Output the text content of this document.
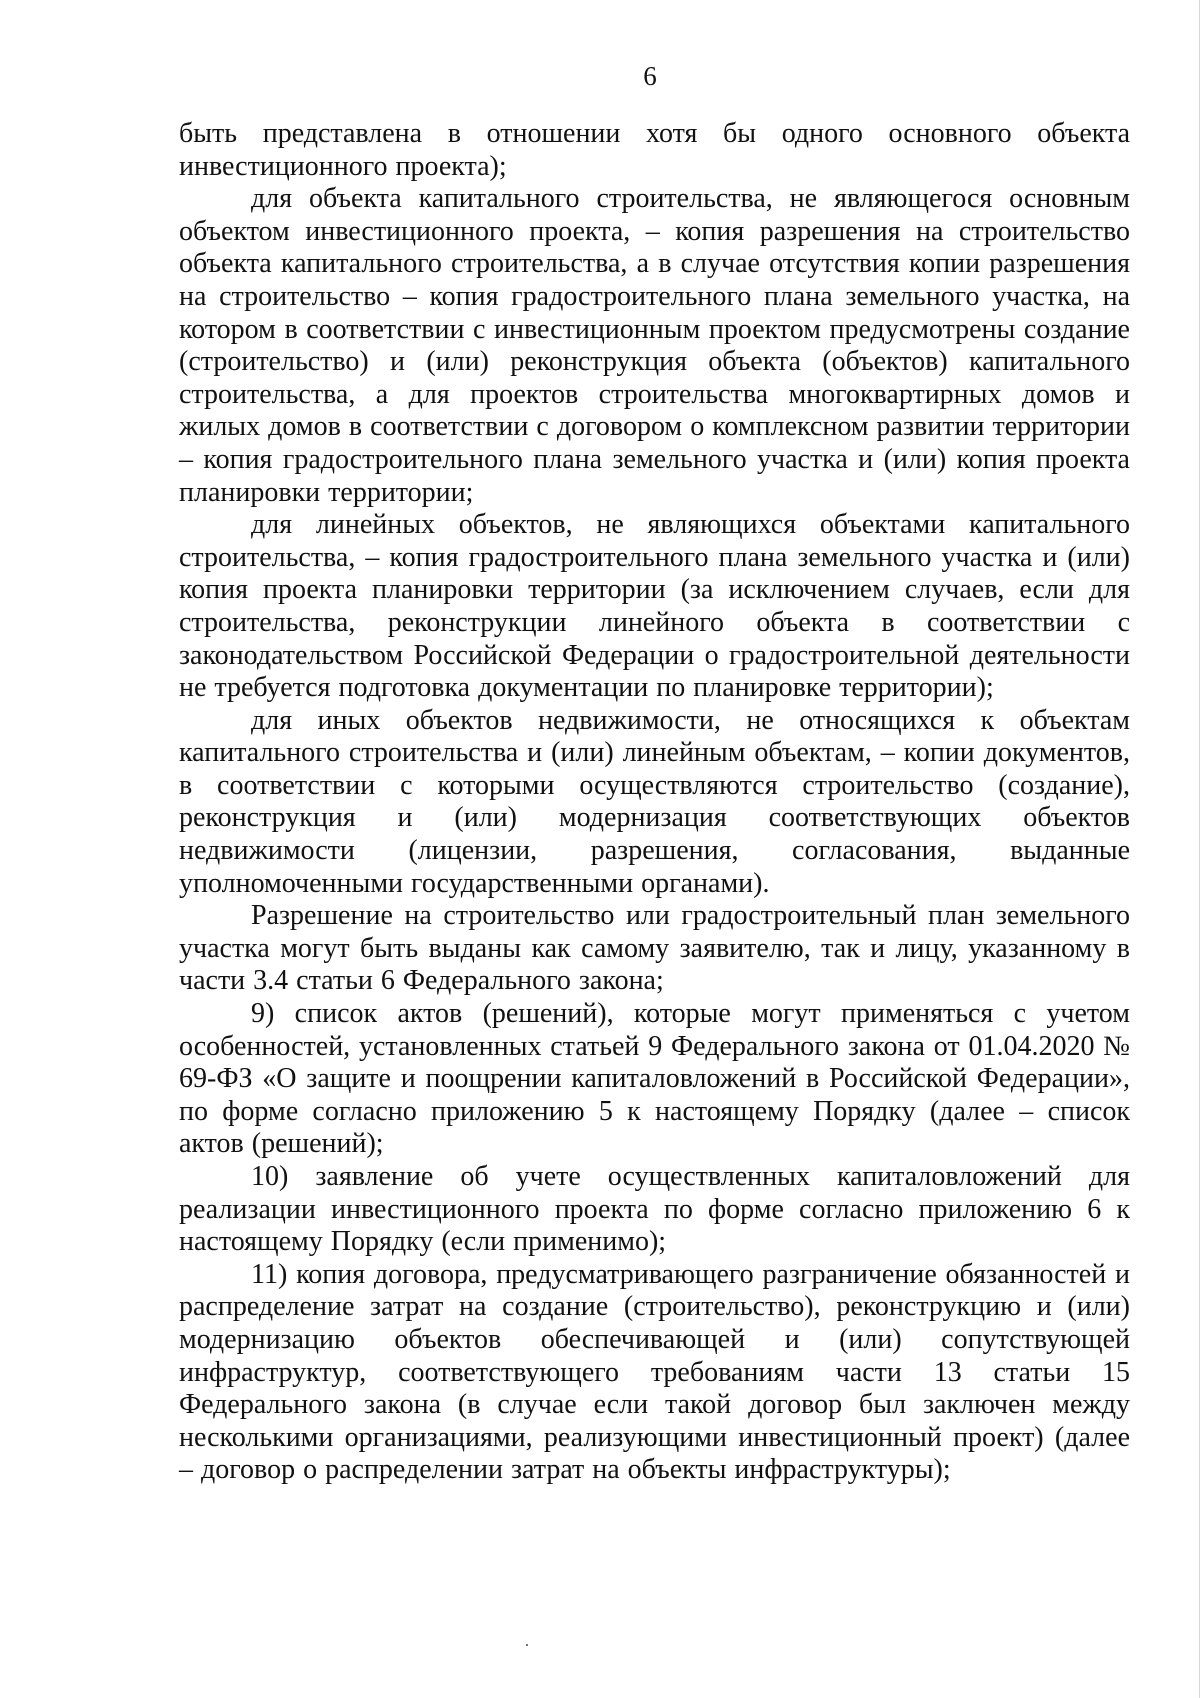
6

быть представлена в отношении хотя бы одного основного объекта инвестиционного проекта);

для объекта капитального строительства, не являющегося основным объектом инвестиционного проекта, – копия разрешения на строительство объекта капитального строительства, а в случае отсутствия копии разрешения на строительство – копия градостроительного плана земельного участка, на котором в соответствии с инвестиционным проектом предусмотрены создание (строительство) и (или) реконструкция объекта (объектов) капитального строительства, а для проектов строительства многоквартирных домов и жилых домов в соответствии с договором о комплексном развитии территории – копия градостроительного плана земельного участка и (или) копия проекта планировки территории;

для линейных объектов, не являющихся объектами капитального строительства, – копия градостроительного плана земельного участка и (или) копия проекта планировки территории (за исключением случаев, если для строительства, реконструкции линейного объекта в соответствии с законодательством Российской Федерации о градостроительной деятельности не требуется подготовка документации по планировке территории);

для иных объектов недвижимости, не относящихся к объектам капитального строительства и (или) линейным объектам, – копии документов, в соответствии с которыми осуществляются строительство (создание), реконструкция и (или) модернизация соответствующих объектов недвижимости (лицензии, разрешения, согласования, выданные уполномоченными государственными органами).

Разрешение на строительство или градостроительный план земельного участка могут быть выданы как самому заявителю, так и лицу, указанному в части 3.4 статьи 6 Федерального закона;

9) список актов (решений), которые могут применяться с учетом особенностей, установленных статьей 9 Федерального закона от 01.04.2020 № 69-ФЗ «О защите и поощрении капиталовложений в Российской Федерации», по форме согласно приложению 5 к настоящему Порядку (далее – список актов (решений);

10) заявление об учете осуществленных капиталовложений для реализации инвестиционного проекта по форме согласно приложению 6 к настоящему Порядку (если применимо);

11) копия договора, предусматривающего разграничение обязанностей и распределение затрат на создание (строительство), реконструкцию и (или) модернизацию объектов обеспечивающей и (или) сопутствующей инфраструктур, соответствующего требованиям части 13 статьи 15 Федерального закона (в случае если такой договор был заключен между несколькими организациями, реализующими инвестиционный проект) (далее – договор о распределении затрат на объекты инфраструктуры);
